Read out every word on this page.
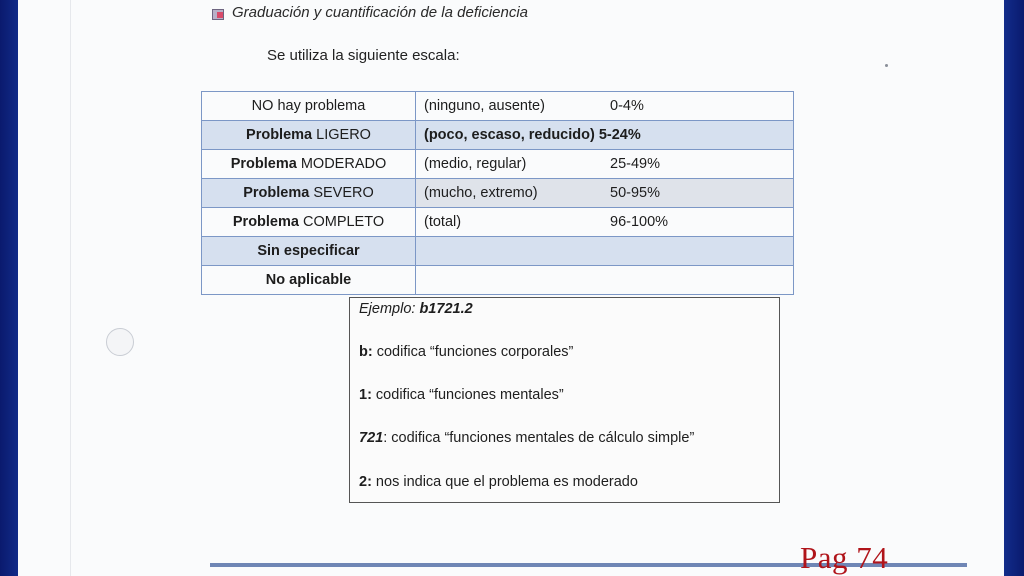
Graduación y cuantificación de la deficiencia
Se utiliza la siguiente escala:
NO hay problema	(ninguno, ausente) 0-4%
Problema LIGERO	(poco, escaso, reducido) 5-24%
Problema MODERADO	(medio, regular) 25-49%
Problema SEVERO	(mucho, extremo) 50-95%
Problema COMPLETO	(total) 96-100%
Sin especificar	
No aplicable	
Ejemplo: b1721.2
b: codifica “funciones corporales”
1: codifica “funciones mentales”
721: codifica “funciones mentales de cálculo simple”
2: nos indica que el problema es moderado
Pag 74
